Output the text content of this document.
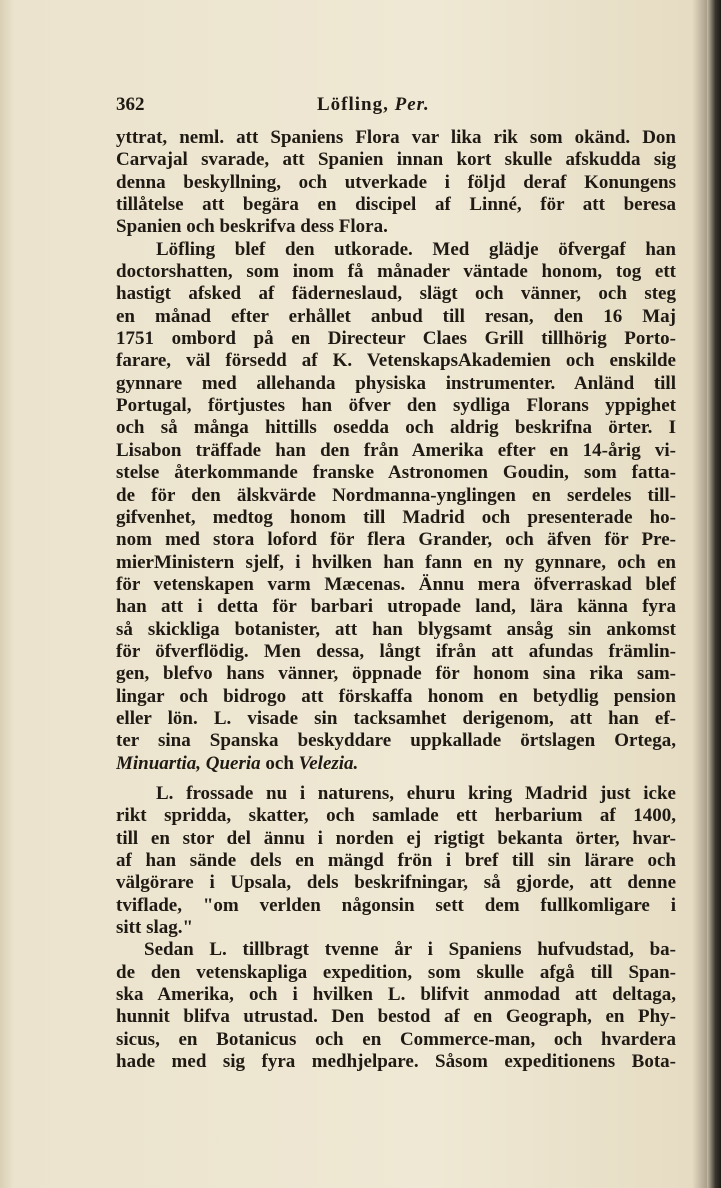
362	Löfling, Per.
yttrat, neml. att Spaniens Flora var lika rik som okänd. Don
Carvajal svarade, att Spanien innan kort skulle afskudda sig
denna beskyllning, och utverkade i följd deraf Konungens
tillåtelse att begära en discipel af Linné, för att beresa
Spanien och beskrifva dess Flora.
Löfling blef den utkorade. Med glädje öfvergaf han
doctorshatten, som inom få månader väntade honom, tog ett
hastigt afsked af fäderneslaud, slägt och vänner, och steg
en månad efter erhållet anbud till resan, den 16 Maj
1751 ombord på en Directeur Claes Grill tillhörig Porto-
farare, väl försedd af K. VetenskapsAkademien och enskilde
gynnare med allehanda physiska instrumenter. Anländ till
Portugal, förtjustes han öfver den sydliga Florans yppighet
och så många hittills osedda och aldrig beskrifna örter. I
Lisabon träffade han den från Amerika efter en 14-årig vi-
stelse återkommande franske Astronomen Goudin, som fatta-
de för den älskvärde Nordmanna-ynglingen en serdeles till-
gifvenhet, medtog honom till Madrid och presenterade ho-
nom med stora loford för flera Grander, och äfven för Pre-
mierMinistern sjelf, i hvilken han fann en ny gynnare, och en
för vetenskapen varm Mæcenas. Ännu mera öfverraskad blef
han att i detta för barbari utropade land, lära känna fyra
så skickliga botanister, att han blygsamt ansåg sin ankomst
för öfverflödig. Men dessa, långt ifrån att afundas främlin-
gen, blefvo hans vänner, öppnade för honom sina rika sam-
lingar och bidrogo att förskaffa honom en betydlig pension
eller lön. L. visade sin tacksamhet derigenom, att han ef-
ter sina Spanska beskyddare uppkallade örtslagen Ortega,
Minuartia, Queria och Velezia.
L. frossade nu i naturens, ehuru kring Madrid just icke
rikt spridda, skatter, och samlade ett herbarium af 1400,
till en stor del ännu i norden ej rigtigt bekanta örter, hvar-
af han sände dels en mängd frön i bref till sin lärare och
välgörare i Upsala, dels beskrifningar, så gjorde, att denne
tviflade, "om verlden någonsin sett dem fullkomligare i
sitt slag."
Sedan L. tillbragt tvenne år i Spaniens hufvudstad, ba-
de den vetenskapliga expedition, som skulle afgå till Span-
ska Amerika, och i hvilken L. blifvit anmodad att deltaga,
hunnit blifva utrustad. Den bestod af en Geograph, en Phy-
sicus, en Botanicus och en Commerce-man, och hvardera
hade med sig fyra medhjelpare. Såsom expeditionens Bota-
